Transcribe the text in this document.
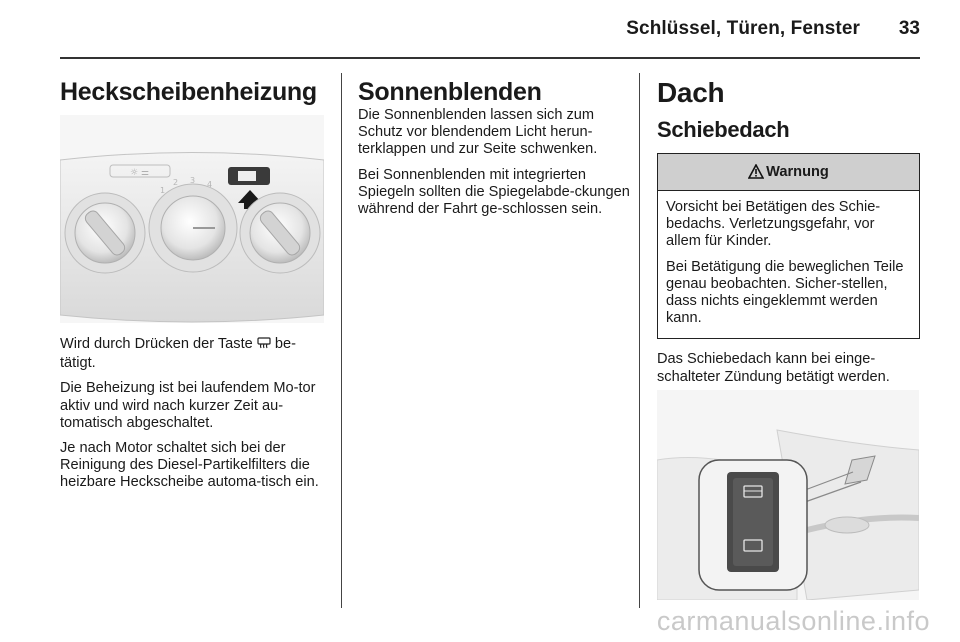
Schlüssel, Türen, Fenster	33
Heckscheibenheizung
☼ ⚌
1
2 3 4

Wird durch Drücken der Taste  be-
tätigt.

Die Beheizung ist bei laufendem Mo-tor aktiv und wird nach kurzer Zeit au-tomatisch abgeschaltet.

Je nach Motor schaltet sich bei der Reinigung des Diesel-Partikelfilters die heizbare Heckscheibe automa-tisch ein.

Sonnenblenden

Die Sonnenblenden lassen sich zum Schutz vor blendendem Licht herun-terklappen und zur Seite schwenken.

Bei Sonnenblenden mit integrierten Spiegeln sollten die Spiegelabde-ckungen während der Fahrt ge-schlossen sein.

Dach
Schiebedach
Warnung

Vorsicht bei Betätigen des Schie-bedachs. Verletzungsgefahr, vor allem für Kinder.

Bei Betätigung die beweglichen Teile genau beobachten. Sicher-stellen, dass nichts eingeklemmt werden kann.

Das Schiebedach kann bei einge-schalteter Zündung betätigt werden.

carmanualsonline.info
